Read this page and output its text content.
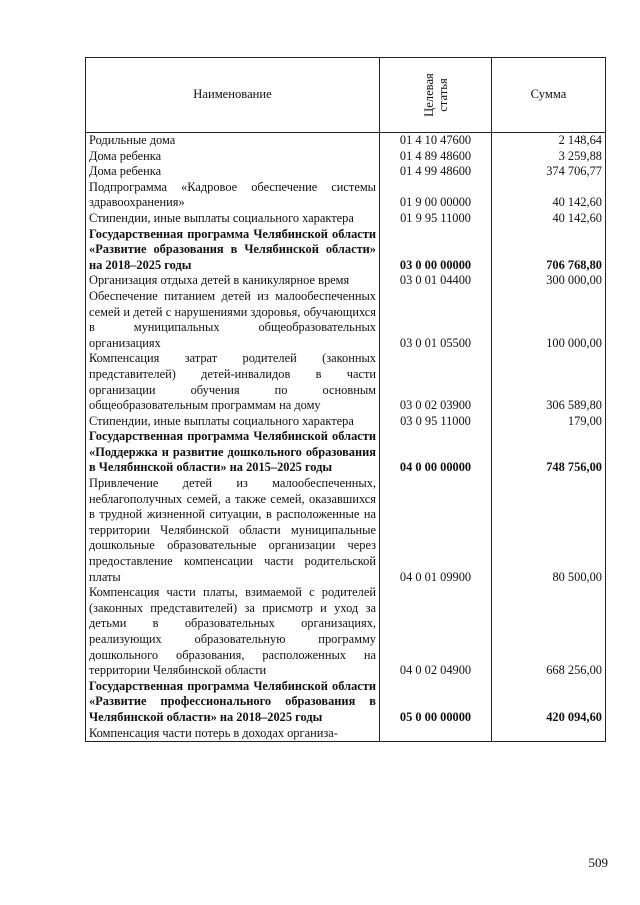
Наименование	Целевая статья	Сумма
Родильные дома	01 4 10 47600	2 148,64
Дома ребенка	01 4 89 48600	3 259,88
Дома ребенка	01 4 99 48600	374 706,77
Подпрограмма «Кадровое обеспечение системы здравоохранения»	01 9 00 00000	40 142,60
Стипендии, иные выплаты социального характера	01 9 95 11000	40 142,60
Государственная программа Челябинской области «Развитие образования в Челябинской области» на 2018–2025 годы	03 0 00 00000	706 768,80
Организация отдыха детей в каникулярное время	03 0 01 04400	300 000,00
Обеспечение питанием детей из малообеспеченных семей и детей с нарушениями здоровья, обучающихся в муниципальных общеобразовательных организациях	03 0 01 05500	100 000,00
Компенсация затрат родителей (законных представителей) детей-инвалидов в части организации обучения по основным общеобразовательным программам на дому	03 0 02 03900	306 589,80
Стипендии, иные выплаты социального характера	03 0 95 11000	179,00
Государственная программа Челябинской области «Поддержка и развитие дошкольного образования в Челябинской области» на 2015–2025 годы	04 0 00 00000	748 756,00
Привлечение детей из малообеспеченных, неблагополучных семей, а также семей, оказавшихся в трудной жизненной ситуации, в расположенные на территории Челябинской области муниципальные дошкольные образовательные организации через предоставление компенсации части родительской платы	04 0 01 09900	80 500,00
Компенсация части платы, взимаемой с родителей (законных представителей) за присмотр и уход за детьми в образовательных организациях, реализующих образовательную программу дошкольного образования, расположенных на территории Челябинской области	04 0 02 04900	668 256,00
Государственная программа Челябинской области «Развитие профессионального образования в Челябинской области» на 2018–2025 годы	05 0 00 00000	420 094,60
Компенсация части потерь в доходах организа-		
509
